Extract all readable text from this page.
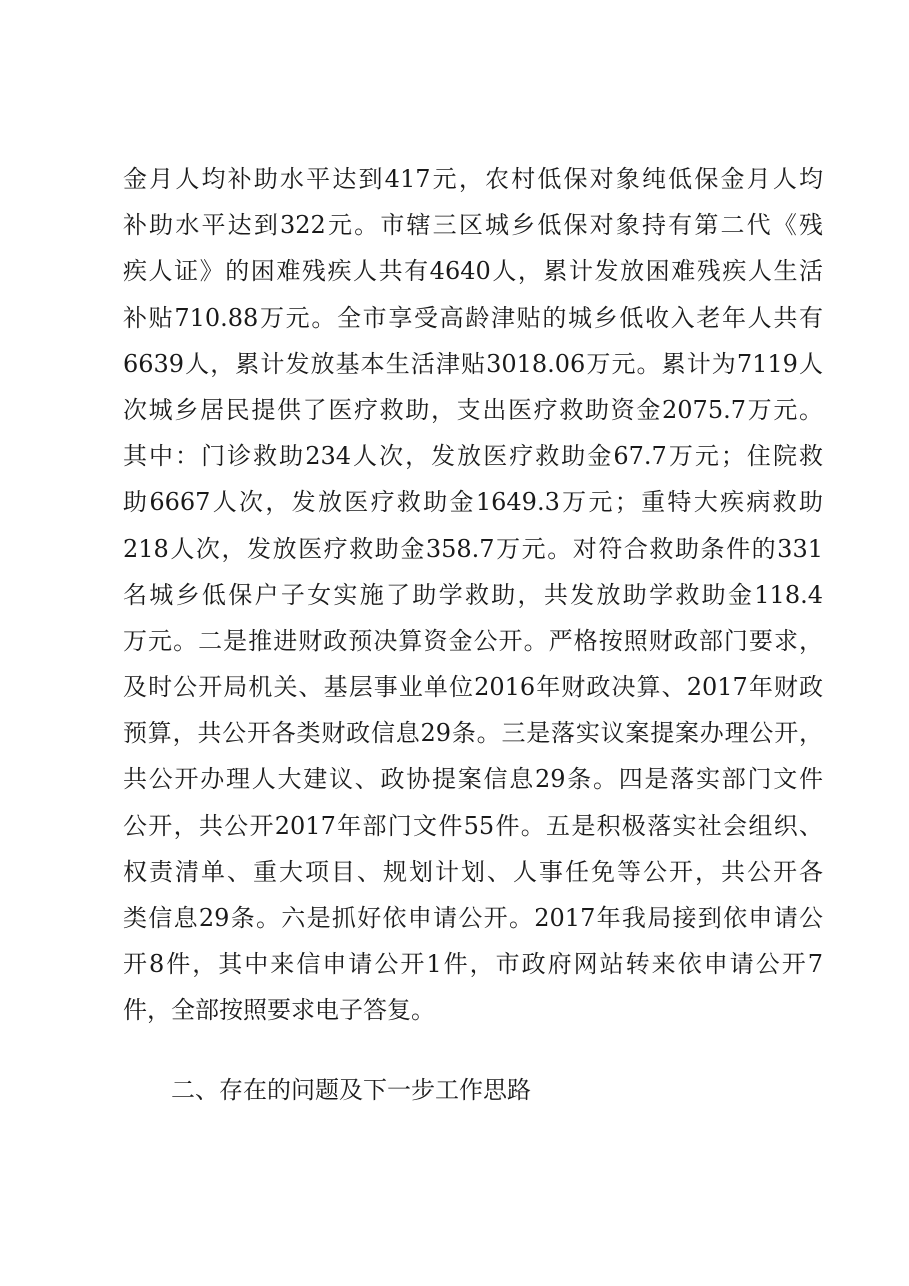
金月人均补助水平达到417元，农村低保对象纯低保金月人均
补助水平达到322元。市辖三区城乡低保对象持有第二代《残
疾人证》的困难残疾人共有4640人，累计发放困难残疾人生活
补贴710.88万元。全市享受高龄津贴的城乡低收入老年人共有
6639人，累计发放基本生活津贴3018.06万元。累计为7119人
次城乡居民提供了医疗救助，支出医疗救助资金2075.7万元。
其中：门诊救助234人次，发放医疗救助金67.7万元；住院救
助6667人次，发放医疗救助金1649.3万元；重特大疾病救助
218人次，发放医疗救助金358.7万元。对符合救助条件的331
名城乡低保户子女实施了助学救助，共发放助学救助金118.4
万元。二是推进财政预决算资金公开。严格按照财政部门要求，
及时公开局机关、基层事业单位2016年财政决算、2017年财政
预算，共公开各类财政信息29条。三是落实议案提案办理公开，
共公开办理人大建议、政协提案信息29条。四是落实部门文件
公开，共公开2017年部门文件55件。五是积极落实社会组织、
权责清单、重大项目、规划计划、人事任免等公开，共公开各
类信息29条。六是抓好依申请公开。2017年我局接到依申请公
开8件，其中来信申请公开1件，市政府网站转来依申请公开7
件，全部按照要求电子答复。
二、存在的问题及下一步工作思路
